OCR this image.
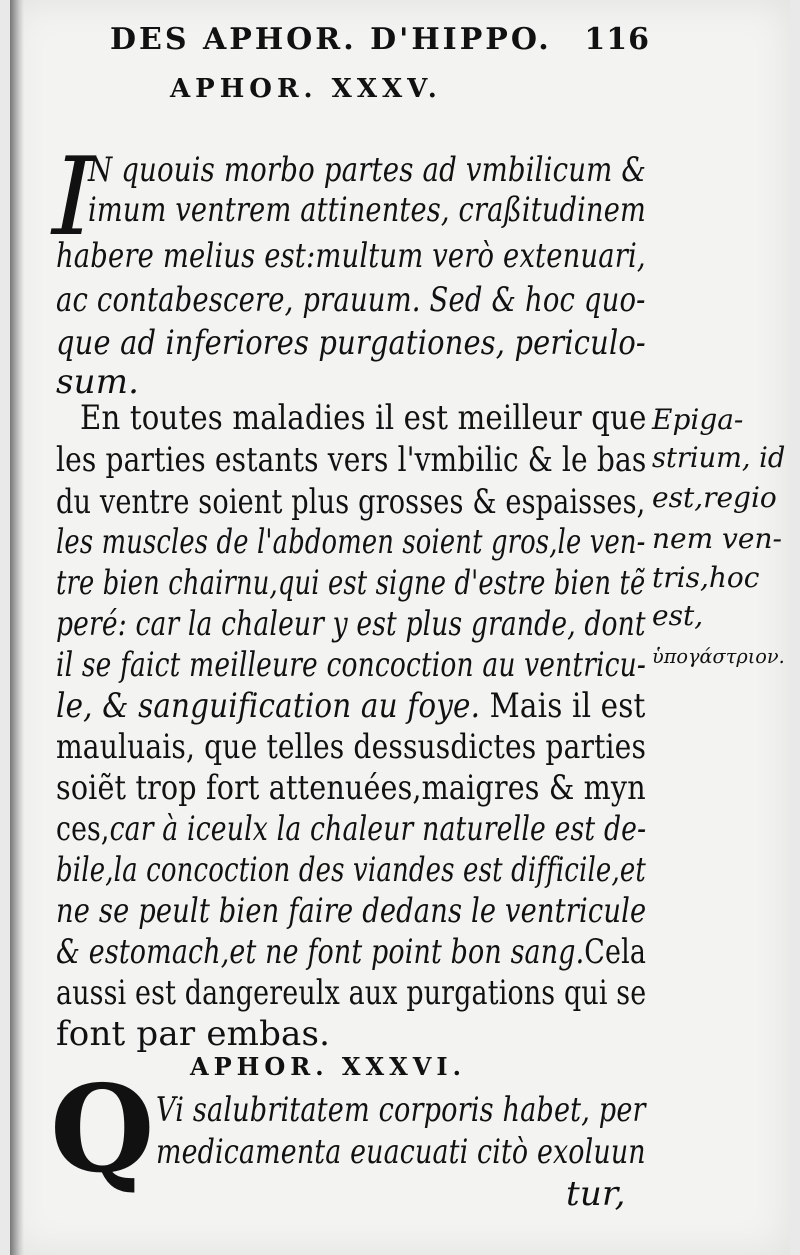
DES APHOR. D'HIPPO. 116
APHOR. XXXV.
I
N quouis morbo partes ad vmbilicum &
imum ventrem attinentes, craßitudinem
habere melius est:multum verò extenuari,
ac contabescere, prauum. Sed & hoc quo-
que ad inferiores purgationes, periculo-
sum.
En toutes maladies il est meilleur que
les parties estants vers l'vmbilic & le bas
du ventre soient plus grosses & espaisses,
les muscles de l'abdomen soient gros,le ven-
tre bien chairnu,qui est signe d'estre bien tẽ
peré: car la chaleur y est plus grande, dont
il se faict meilleure concoction au ventricu-
le, & sanguification au foye. Mais il est
mauluais, que telles dessusdictes parties
soiẽt trop fort attenuées,maigres & myn
ces,car à iceulx la chaleur naturelle est de-
bile,la concoction des viandes est difficile,et
ne se peult bien faire dedans le ventricule
& estomach,et ne font point bon sang.Cela
aussi est dangereulx aux purgations qui se
font par embas.
Epiga-
strium, id
est,regio
nem ven-
tris,hoc
est,
ὑπογάστριον.
APHOR. XXXVI.
Q Vi salubritatem corporis habet, per
medicamenta euacuati citò exoluun
tur,
